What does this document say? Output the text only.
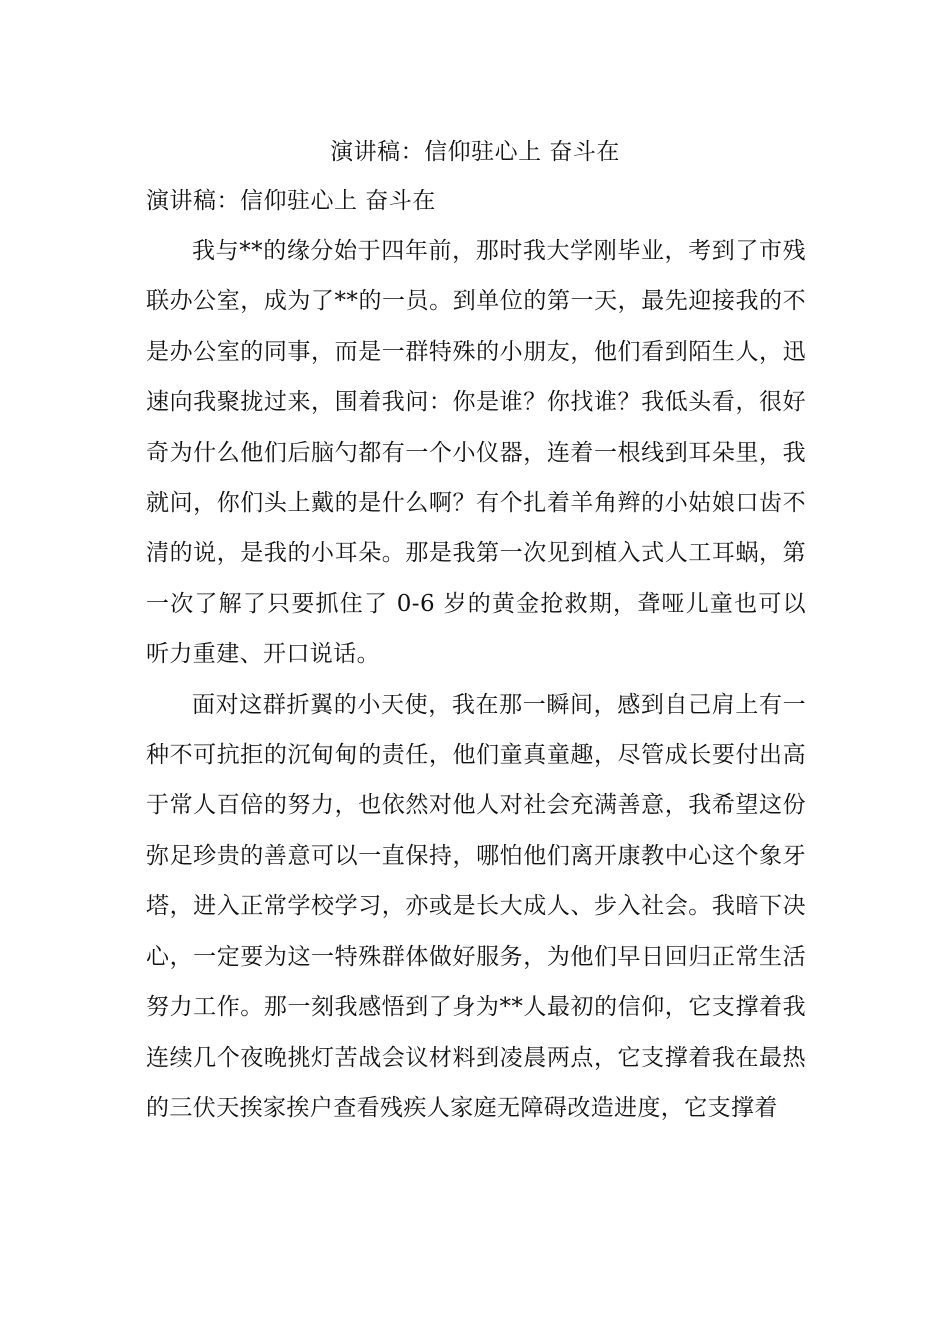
演讲稿：信仰驻心上 奋斗在
演讲稿：信仰驻心上 奋斗在

我与**的缘分始于四年前，那时我大学刚毕业，考到了市残联办公室，成为了**的一员。到单位的第一天，最先迎接我的不是办公室的同事，而是一群特殊的小朋友，他们看到陌生人，迅速向我聚拢过来，围着我问：你是谁？你找谁？我低头看，很好奇为什么他们后脑勺都有一个小仪器，连着一根线到耳朵里，我就问，你们头上戴的是什么啊？有个扎着羊角辫的小姑娘口齿不清的说，是我的小耳朵。那是我第一次见到植入式人工耳蜗，第一次了解了只要抓住了 0-6 岁的黄金抢救期，聋哑儿童也可以听力重建、开口说话。

面对这群折翼的小天使，我在那一瞬间，感到自己肩上有一种不可抗拒的沉甸甸的责任，他们童真童趣，尽管成长要付出高于常人百倍的努力，也依然对他人对社会充满善意，我希望这份弥足珍贵的善意可以一直保持，哪怕他们离开康教中心这个象牙塔，进入正常学校学习，亦或是长大成人、步入社会。我暗下决心，一定要为这一特殊群体做好服务，为他们早日回归正常生活努力工作。那一刻我感悟到了身为**人最初的信仰，它支撑着我连续几个夜晚挑灯苦战会议材料到凌晨两点，它支撑着我在最热的三伏天挨家挨户查看残疾人家庭无障碍改造进度，它支撑着
